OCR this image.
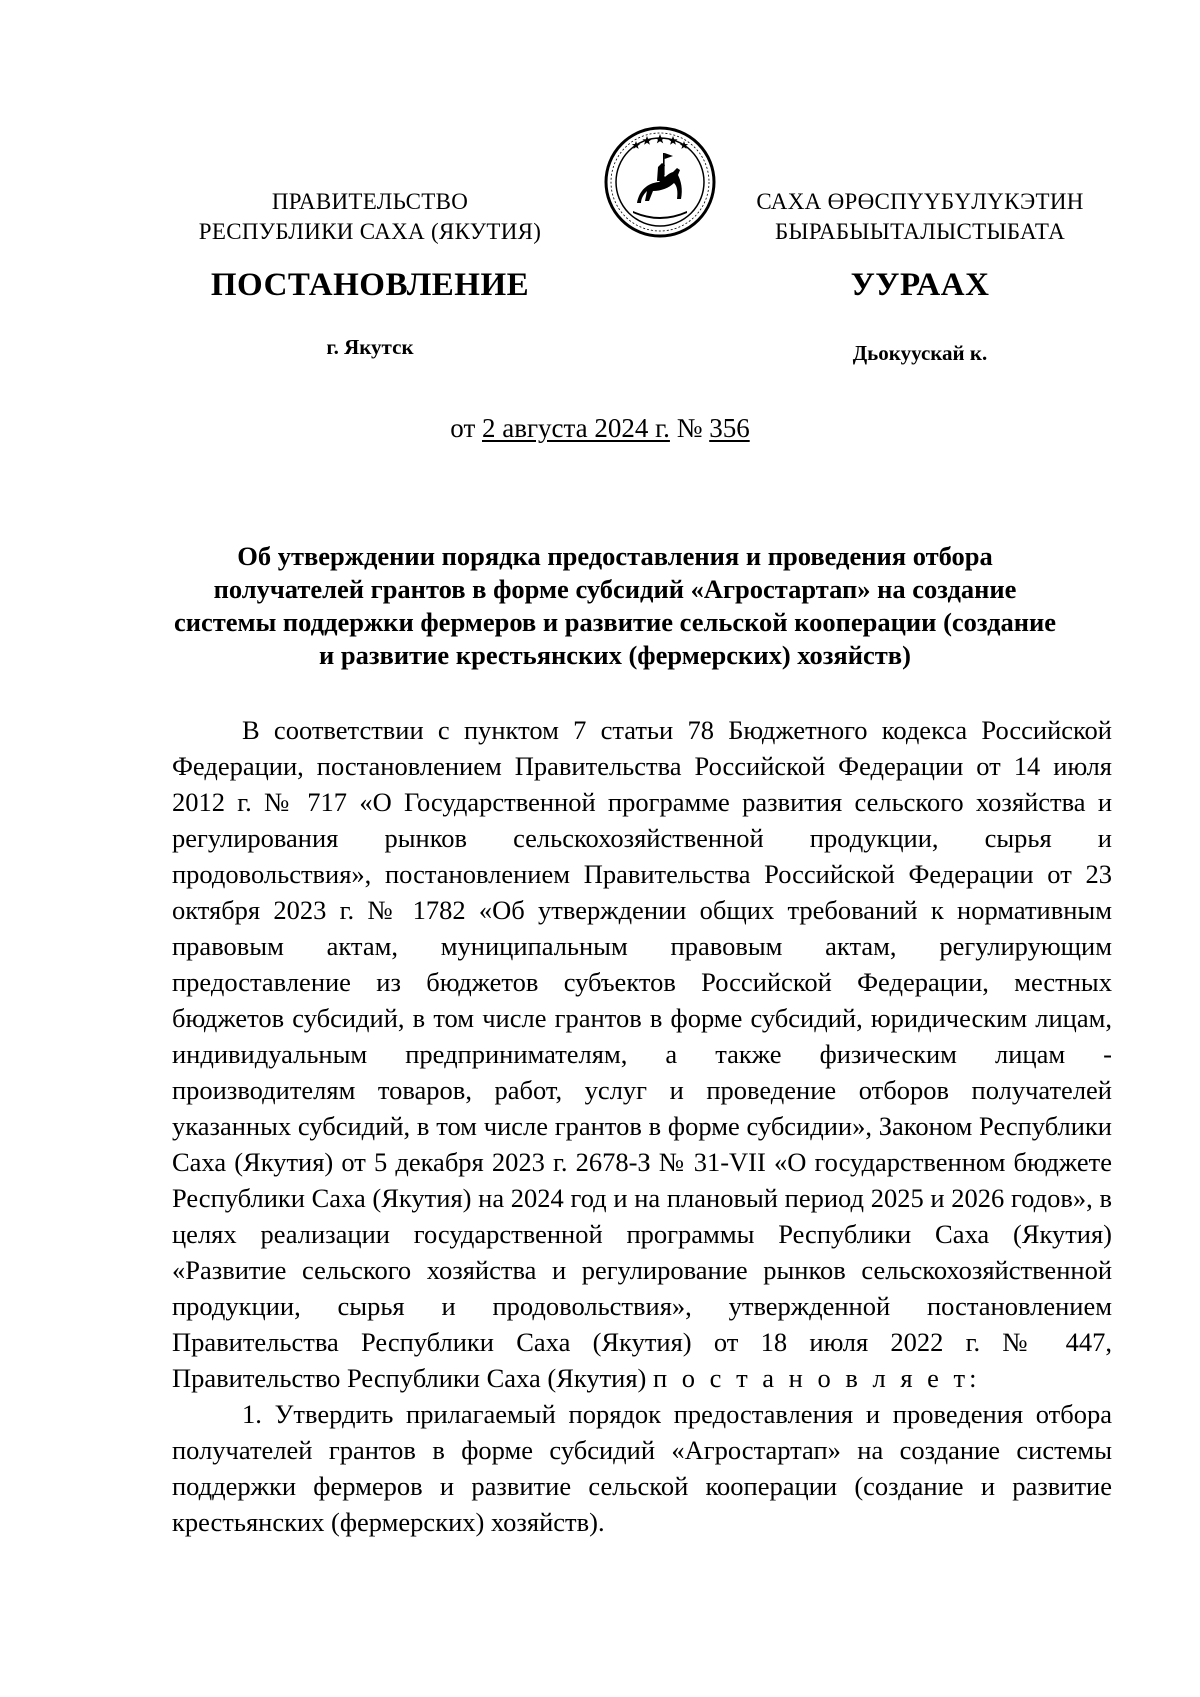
ПРАВИТЕЛЬСТВО
РЕСПУБЛИКИ САХА (ЯКУТИЯ)
САХА ӨРӨСПҮҮБҮЛҮКЭТИН
БЫРАБЫЫТАЛЫСТЫБАТА
ПОСТАНОВЛЕНИЕ	УУРААХ
г. Якутск	Дьокуускай к.
от 2 августа 2024 г. № 356
Об утверждении порядка предоставления и проведения отбора получателей грантов в форме субсидий «Агростартап» на создание системы поддержки фермеров и развитие сельской кооперации (создание и развитие крестьянских (фермерских) хозяйств)

В соответствии с пунктом 7 статьи 78 Бюджетного кодекса Российской Федерации, постановлением Правительства Российской Федерации от 14 июля 2012 г. № 717 «О Государственной программе развития сельского хозяйства и регулирования рынков сельскохозяйственной продукции, сырья и продовольствия», постановлением Правительства Российской Федерации от 23 октября 2023 г. № 1782 «Об утверждении общих требований к нормативным правовым актам, муниципальным правовым актам, регулирующим предоставление из бюджетов субъектов Российской Федерации, местных бюджетов субсидий, в том числе грантов в форме субсидий, юридическим лицам, индивидуальным предпринимателям, а также физическим лицам - производителям товаров, работ, услуг и проведение отборов получателей указанных субсидий, в том числе грантов в форме субсидии», Законом Республики Саха (Якутия) от 5 декабря 2023 г. 2678-З № 31-VII «О государственном бюджете Республики Саха (Якутия) на 2024 год и на плановый период 2025 и 2026 годов», в целях реализации государственной программы Республики Саха (Якутия) «Развитие сельского хозяйства и регулирование рынков сельскохозяйственной продукции, сырья и продовольствия», утвержденной постановлением Правительства Республики Саха (Якутия) от 18 июля 2022 г. № 447, Правительство Республики Саха (Якутия) п о с т а н о в л я е т:

1. Утвердить прилагаемый порядок предоставления и проведения отбора получателей грантов в форме субсидий «Агростартап» на создание системы поддержки фермеров и развитие сельской кооперации (создание и развитие крестьянских (фермерских) хозяйств).
